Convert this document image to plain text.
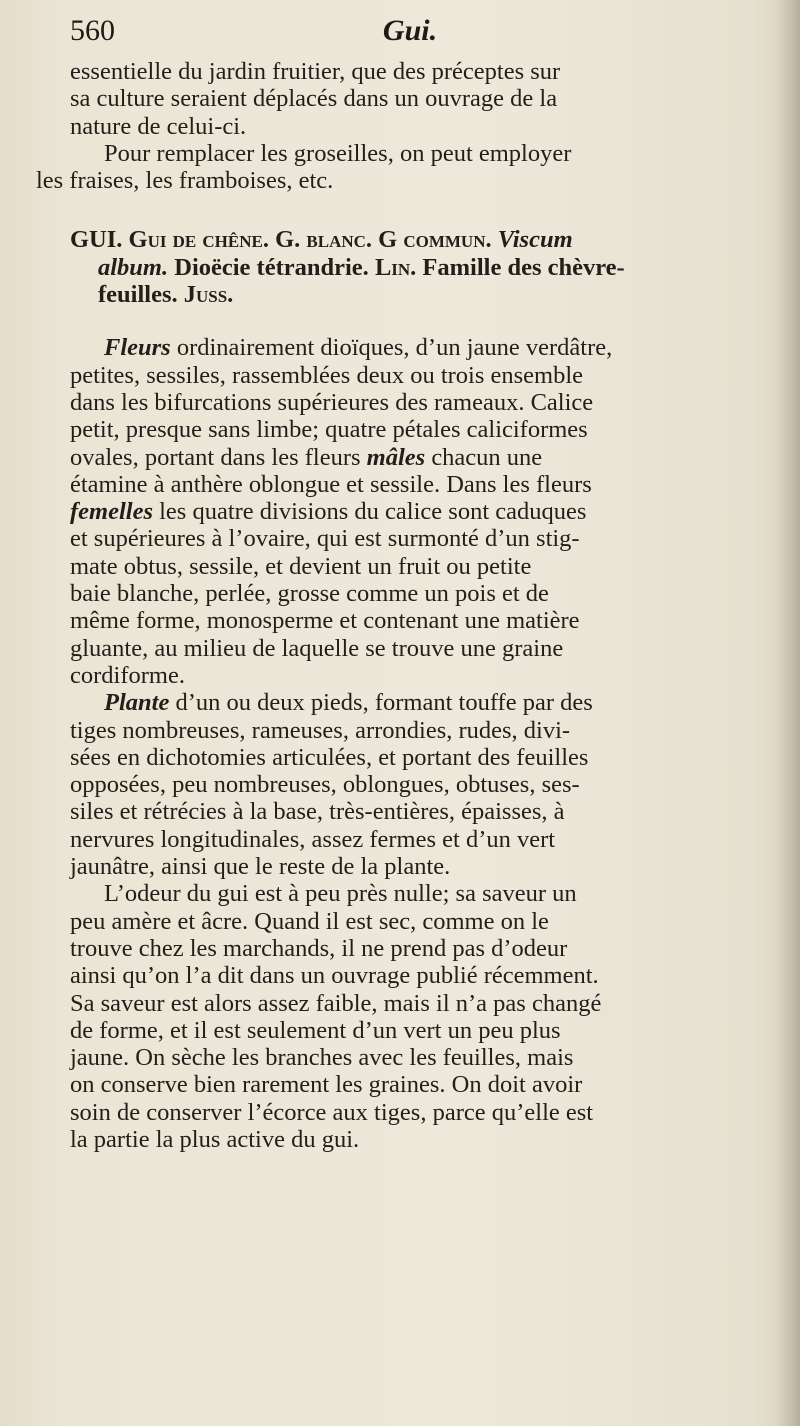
560	Gui.

essentielle du jardin fruitier, que des préceptes sur
sa culture seraient déplacés dans un ouvrage de la
nature de celui-ci.

Pour remplacer les groseilles, on peut employer
les fraises, les framboises, etc.

GUI. Gui de chêne. G. blanc. G commun. Viscum
album. Dioëcie tétrandrie. Lin. Famille des chèvre-
feuilles. Juss.

Fleurs ordinairement dioïques, d’un jaune verdâtre,
petites, sessiles, rassemblées deux ou trois ensemble
dans les bifurcations supérieures des rameaux. Calice
petit, presque sans limbe; quatre pétales caliciformes
ovales, portant dans les fleurs mâles chacun une
étamine à anthère oblongue et sessile. Dans les fleurs
femelles les quatre divisions du calice sont caduques
et supérieures à l’ovaire, qui est surmonté d’un stig-
mate obtus, sessile, et devient un fruit ou petite
baie blanche, perlée, grosse comme un pois et de
même forme, monosperme et contenant une matière
gluante, au milieu de laquelle se trouve une graine
cordiforme.

Plante d’un ou deux pieds, formant touffe par des
tiges nombreuses, rameuses, arrondies, rudes, divi-
sées en dichotomies articulées, et portant des feuilles
opposées, peu nombreuses, oblongues, obtuses, ses-
siles et rétrécies à la base, très-entières, épaisses, à
nervures longitudinales, assez fermes et d’un vert
jaunâtre, ainsi que le reste de la plante.

L’odeur du gui est à peu près nulle; sa saveur un
peu amère et âcre. Quand il est sec, comme on le
trouve chez les marchands, il ne prend pas d’odeur
ainsi qu’on l’a dit dans un ouvrage publié récemment.
Sa saveur est alors assez faible, mais il n’a pas changé
de forme, et il est seulement d’un vert un peu plus
jaune. On sèche les branches avec les feuilles, mais
on conserve bien rarement les graines. On doit avoir
soin de conserver l’écorce aux tiges, parce qu’elle est
la partie la plus active du gui.
